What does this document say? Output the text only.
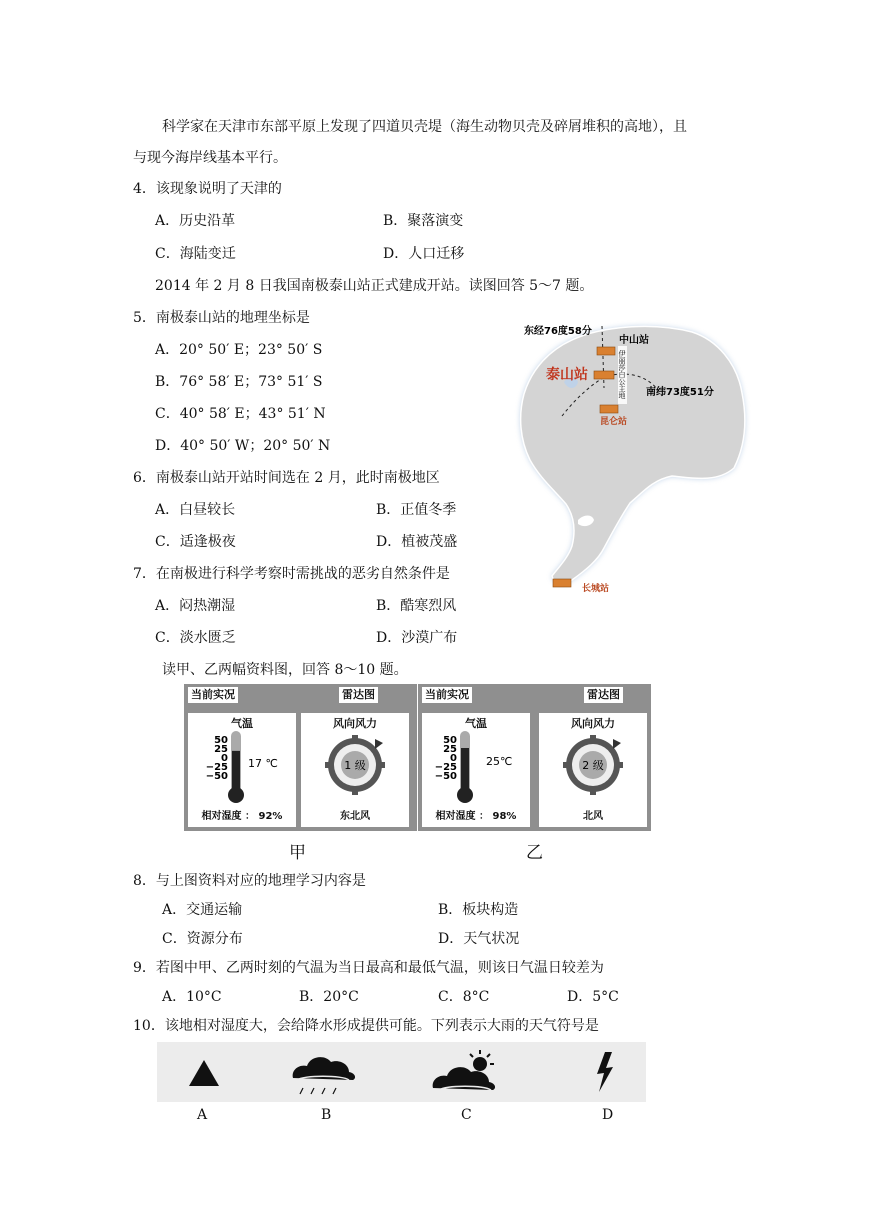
科学家在天津市东部平原上发现了四道贝壳堤（海生动物贝壳及碎屑堆积的高地），且
与现今海岸线基本平行。
4．该现象说明了天津的
A．历史沿革	B．聚落演变
C．海陆变迁	D．人口迁移
2014 年 2 月 8 日我国南极泰山站正式建成开站。读图回答 5～7 题。
5．南极泰山站的地理坐标是
A．20° 50′ E；23° 50′ S
B．76° 58′ E；73° 51′ S
C．40° 58′ E；43° 51′ N
D．40° 50′ W；20° 50′ N
6．南极泰山站开站时间选在 2 月，此时南极地区
A．白昼较长	B．正值冬季
C．适逢极夜	D．植被茂盛
7．在南极进行科学考察时需挑战的恶劣自然条件是
A．闷热潮湿	B．酷寒烈风
C．淡水匮乏	D．沙漠广布
东经76度58分
中山站
泰山站
南纬73度51分
昆仑站
长城站
伊丽莎白公主地
读甲、乙两幅资料图，回答 8～10 题。
当前实况	雷达图
气温
50
25
0
−25
−50
17 ℃
相对湿度 ： 92%
风向风力
1 级
东北风
当前实况	雷达图
气温
50
25
0
−25
−50
25℃
相对湿度 ： 98%
风向风力
2 级
北风
甲	乙
8．与上图资料对应的地理学习内容是
A．交通运输	B．板块构造
C．资源分布	D．天气状况
9．若图中甲、乙两时刻的气温为当日最高和最低气温，则该日气温日较差为
A．10°C	B．20°C	C．8°C	D．5°C
10．该地相对湿度大，会给降水形成提供可能。下列表示大雨的天气符号是
A	B	C	D
